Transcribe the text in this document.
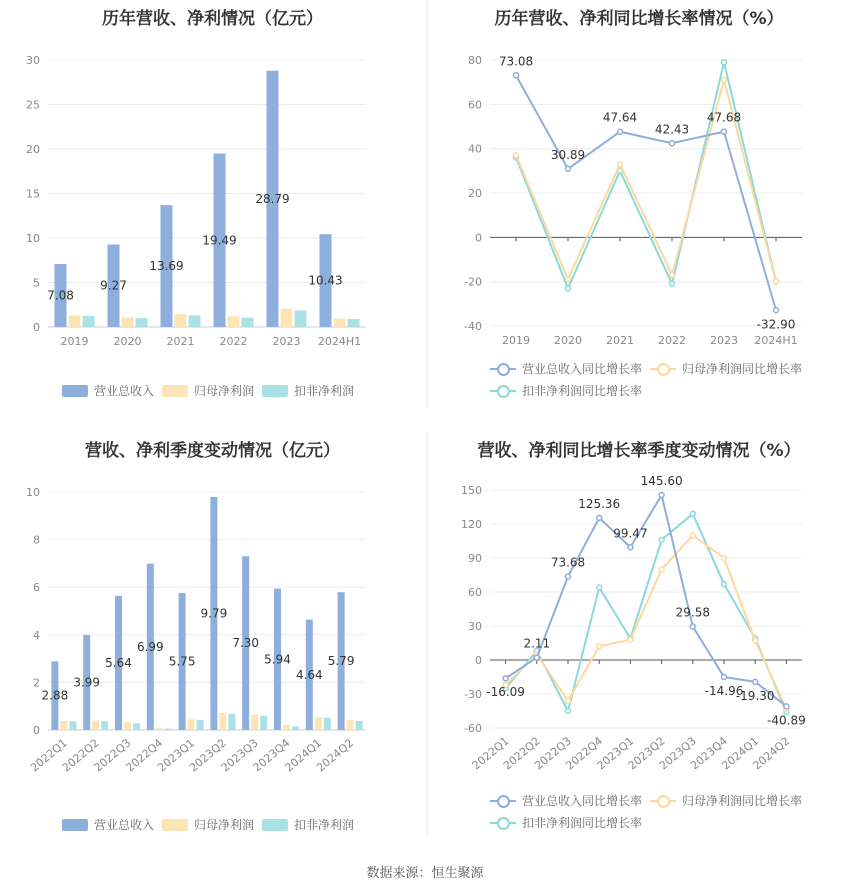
历年营收、净利情况（亿元）
0
5
10
15
20
25
30
2019 2020 2021 2022 2023 2024H1
7.08
9.27
13.69
19.49
28.79
10.43
营业总收入	归母净利润	扣非净利润
历年营收、净利同比增长率情况（%）
-40
-20
0
20
40
60
80
2019 2020 2021 2022 2023 2024H1
73.08
30.89
47.64
42.43
47.68
-32.90
营业总收入同比增长率	归母净利润同比增长率
扣非净利润同比增长率
营收、净利季度变动情况（亿元）
0
2
4
6
8
10
2022Q1
2022Q2
2022Q3
2022Q4
2023Q1
2023Q2
2023Q3
2023Q4
2024Q1
2024Q2
2.88
3.99
5.64
6.99
5.75
9.79
7.30
5.94
4.64
5.79
营业总收入	归母净利润	扣非净利润
营收、净利同比增长率季度变动情况（%）
-60
-30
0
30
60
90
120
150
2022Q1
2022Q2
2022Q3
2022Q4
2023Q1
2023Q2
2023Q3
2023Q4
2024Q1
2024Q2
-16.09
2.11
73.68
125.36
99.47
145.60
29.58
-14.96
-19.30
-40.89
营业总收入同比增长率	归母净利润同比增长率
扣非净利润同比增长率
数据来源：恒生聚源
